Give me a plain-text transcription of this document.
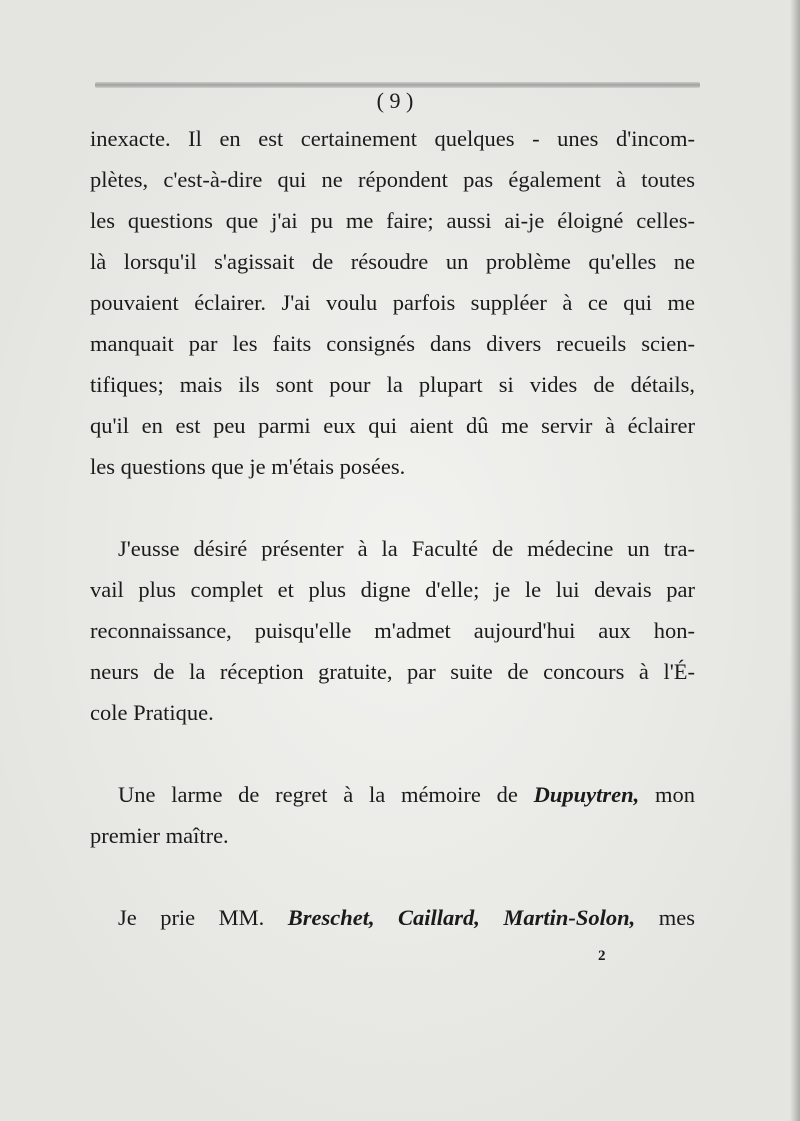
( 9 )
inexacte. Il en est certainement quelques - unes d'incom-
plètes, c'est-à-dire qui ne répondent pas également à toutes
les questions que j'ai pu me faire; aussi ai-je éloigné celles-
là lorsqu'il s'agissait de résoudre un problème qu'elles ne
pouvaient éclairer. J'ai voulu parfois suppléer à ce qui me
manquait par les faits consignés dans divers recueils scien-
tifiques; mais ils sont pour la plupart si vides de détails,
qu'il en est peu parmi eux qui aient dû me servir à éclairer
les questions que je m'étais posées.
J'eusse désiré présenter à la Faculté de médecine un tra-
vail plus complet et plus digne d'elle; je le lui devais par
reconnaissance, puisqu'elle m'admet aujourd'hui aux hon-
neurs de la réception gratuite, par suite de concours à l'É-
cole Pratique.
Une larme de regret à la mémoire de Dupuytren, mon
premier maître.
Je prie MM. Breschet, Caillard, Martin-Solon, mes
2
